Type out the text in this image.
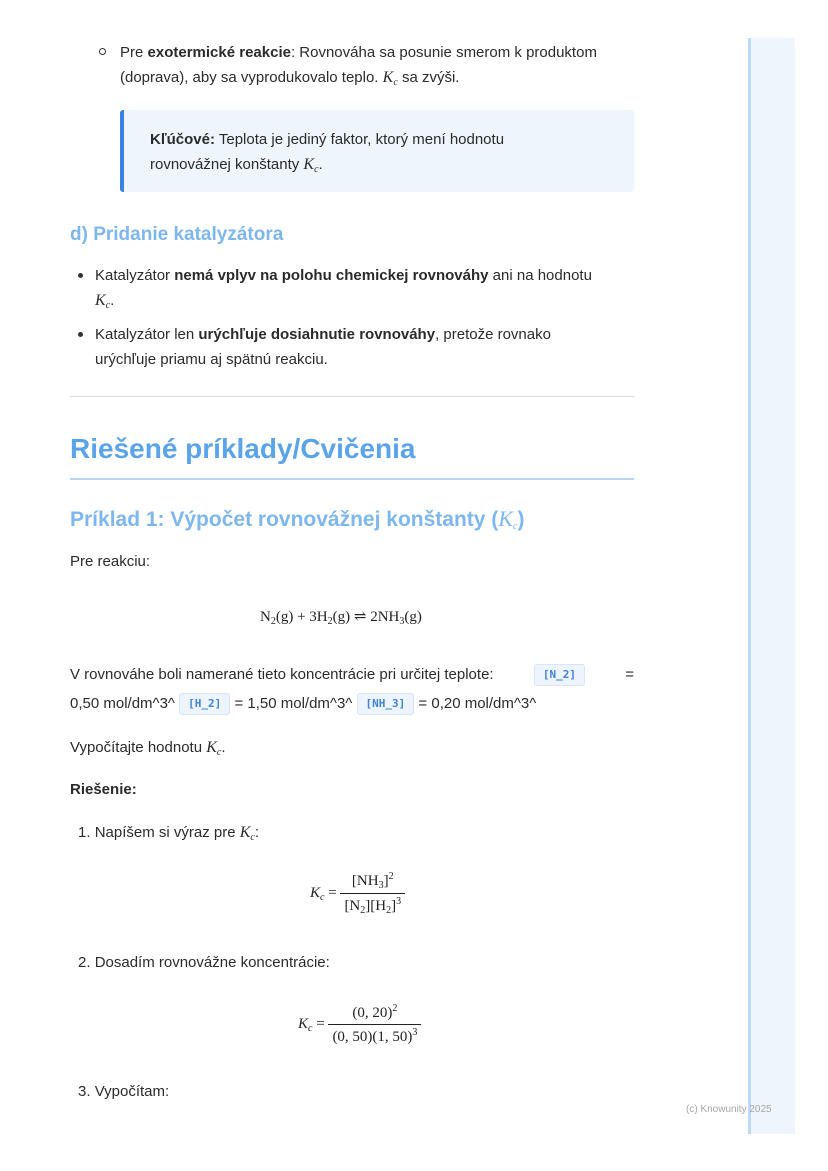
Pre exotermické reakcie: Rovnováha sa posunie smerom k produktom
(doprava), aby sa vyprodukovalo teplo. $K_c$ sa zvýši.
Kľúčové: Teplota je jediný faktor, ktorý mení hodnotu
rovnovážnej konštanty $K_c$.
d) Pridanie katalyzátora
Katalyzátor nemá vplyv na polohu chemickej rovnováhy ani na hodnotu
$K_c$.
Katalyzátor len urýchľuje dosiahnutie rovnováhy, pretože rovnako
urýchľuje priamu aj spätnú reakciu.
Riešené príklady/Cvičenia
Príklad 1: Výpočet rovnovážnej konštanty $(K_c)$
Pre reakciu:
$N_2(g) + 3H_2(g)$ ⇌ $2NH_3(g)$
V rovnováhe boli namerané tieto koncentrácie pri určitej teplote:	[N_2]	=
0,50 mol/dm^3^ [H_2] = 1,50 mol/dm^3^ [NH_3] = 0,20 mol/dm^3^
Vypočítajte hodnotu $K_c$.
Riešenie:
1. Napíšem si výraz pre $K_c$:
$K_c = \frac{[NH_3]^2}{[N_2][H_2]^3}$
2. Dosadím rovnovážne koncentrácie:
$K_c = \frac{(0, 20)^2}{(0, 50)(1, 50)^3}$
3. Vypočítam:
(c) Knowunity 2025
